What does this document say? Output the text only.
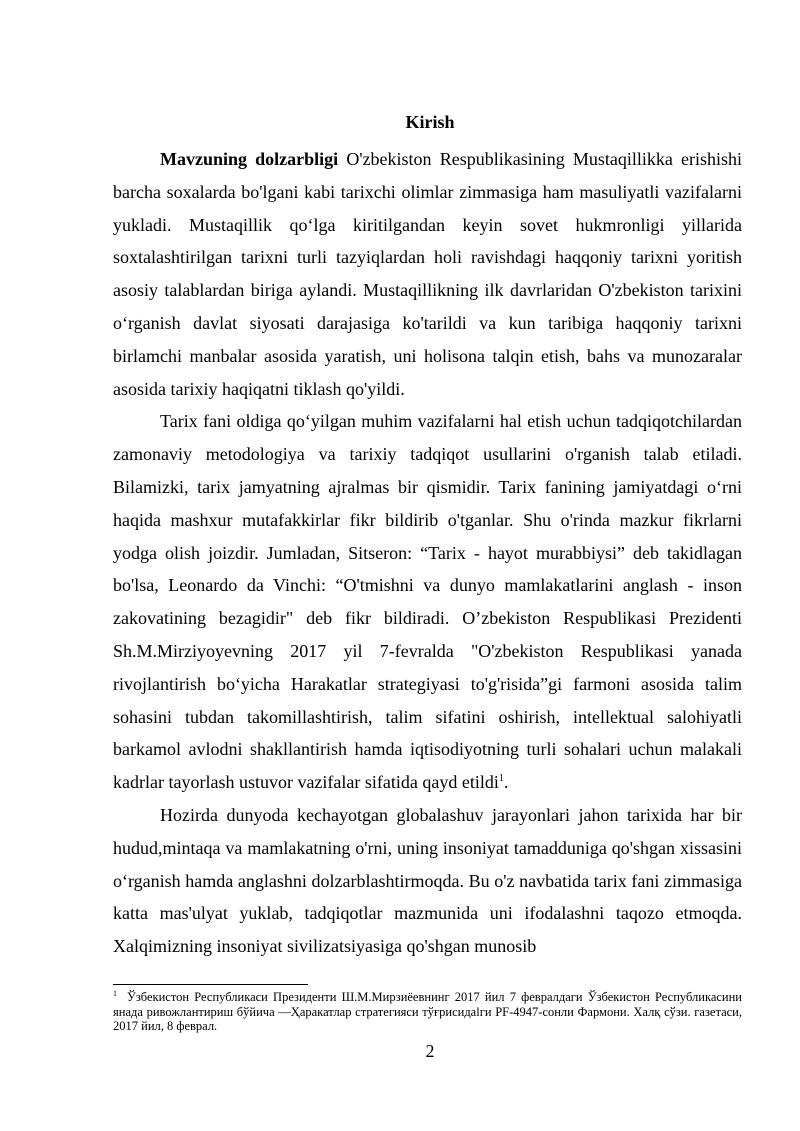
Kirish

Mavzuning dolzarbligi O'zbekiston Respublikasining Mustaqillikka erishishi barcha soxalarda bo'lgani kabi tarixchi olimlar zimmasiga ham masuliyatli vazifalarni yukladi. Mustaqillik qo‘lga kiritilgandan keyin sovet hukmronligi yillarida soxtalashtirilgan tarixni turli tazyiqlardan holi ravishdagi haqqoniy tarixni yoritish asosiy talablardan biriga aylandi. Mustaqillikning ilk davrlaridan O'zbekiston tarixini o‘rganish davlat siyosati darajasiga ko'tarildi va kun taribiga haqqoniy tarixni birlamchi manbalar asosida yaratish, uni holisona talqin etish, bahs va munozaralar asosida tarixiy haqiqatni tiklash qo'yildi.

Tarix fani oldiga qo‘yilgan muhim vazifalarni hal etish uchun tadqiqotchilardan zamonaviy metodologiya va tarixiy tadqiqot usullarini o'rganish talab etiladi. Bilamizki, tarix jamyatning ajralmas bir qismidir. Tarix fanining jamiyatdagi o‘rni haqida mashxur mutafakkirlar fikr bildirib o'tganlar. Shu o'rinda mazkur fikrlarni yodga olish joizdir. Jumladan, Sitseron: “Tarix - hayot murabbiysi” deb takidlagan bo'lsa, Leonardo da Vinchi: “O'tmishni va dunyo mamlakatlarini anglash - inson zakovatining bezagidir" deb fikr bildiradi. O’zbekiston Respublikasi Prezidenti Sh.M.Mirziyoyevning 2017 yil 7-fevralda "O'zbekiston Respublikasi yanada rivojlantirish bo‘yicha Harakatlar strategiyasi to'g'risida”gi farmoni asosida talim sohasini tubdan takomillashtirish, talim sifatini oshirish, intellektual salohiyatli barkamol avlodni shakllantirish hamda iqtisodiyotning turli sohalari uchun malakali kadrlar tayorlash ustuvor vazifalar sifatida qayd etildi$^1$.

Hozirda dunyoda kechayotgan globalashuv jarayonlari jahon tarixida har bir hudud,mintaqa va mamlakatning o'rni, uning insoniyat tamadduniga qo'shgan xissasini o‘rganish hamda anglashni dolzarblashtirmoqda. Bu o'z navbatida tarix fani zimmasiga katta mas'ulyat yuklab, tadqiqotlar mazmunida uni ifodalashni taqozo etmoqda. Xalqimizning insoniyat sivilizatsiyasiga qo'shgan munosib

$^1$ Ўзбекистон Республикаси Президенти Ш.М.Мирзиёевнинг 2017 йил 7 февралдаги Ўзбекистон Республикасини янада ривожлантириш бўйича —Ҳаракатлар стратегияси тўғрисидаlги PF-4947-сонли Фармони. Халқ сўзи. газетаси, 2017 йил, 8 феврал.

2
